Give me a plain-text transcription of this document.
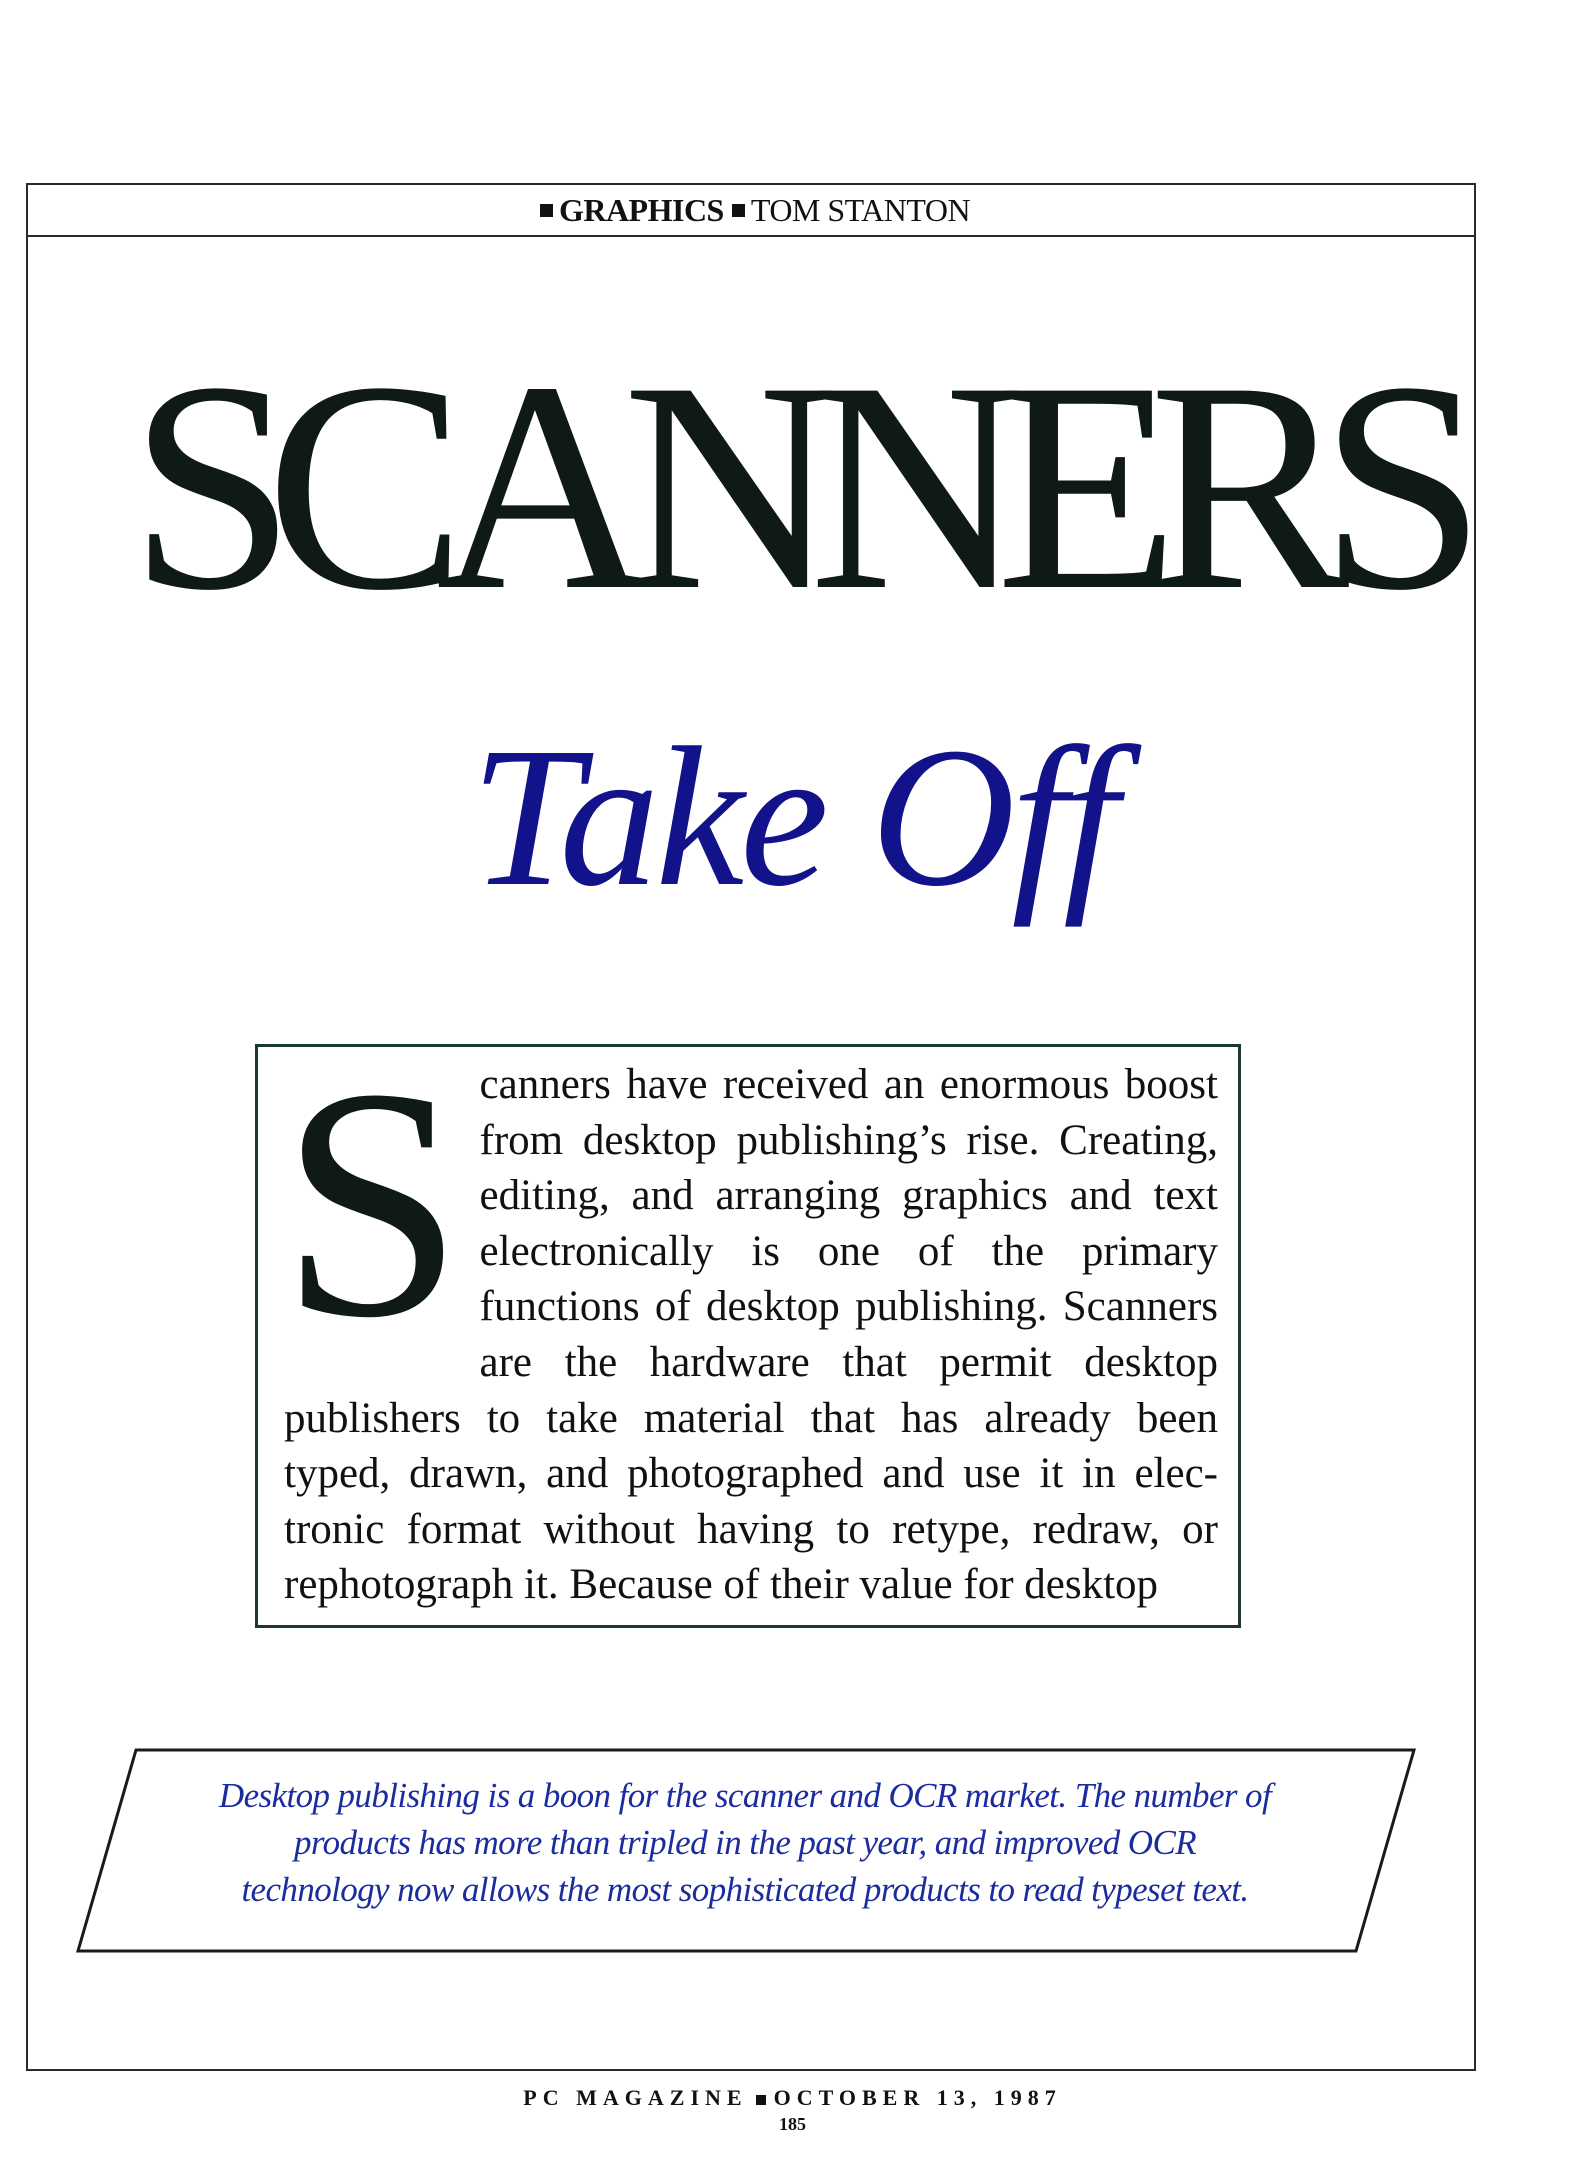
GRAPHICS TOM STANTON
SCANNERS
Take Off
S canners have received an enormous boost from desktop publishing’s rise. Creating, editing, and arranging graphics and text electronically is one of the primary functions of desktop publishing. Scanners are the hardware that permit desktop publishers to take material that has already been typed, drawn, and photographed and use it in electronic format without having to retype, redraw, or rephotograph it. Because of their value for desktop

Desktop publishing is a boon for the scanner and OCR market. The number of
products has more than tripled in the past year, and improved OCR
technology now allows the most sophisticated products to read typeset text.
PC MAGAZINE OCTOBER 13, 1987
185
